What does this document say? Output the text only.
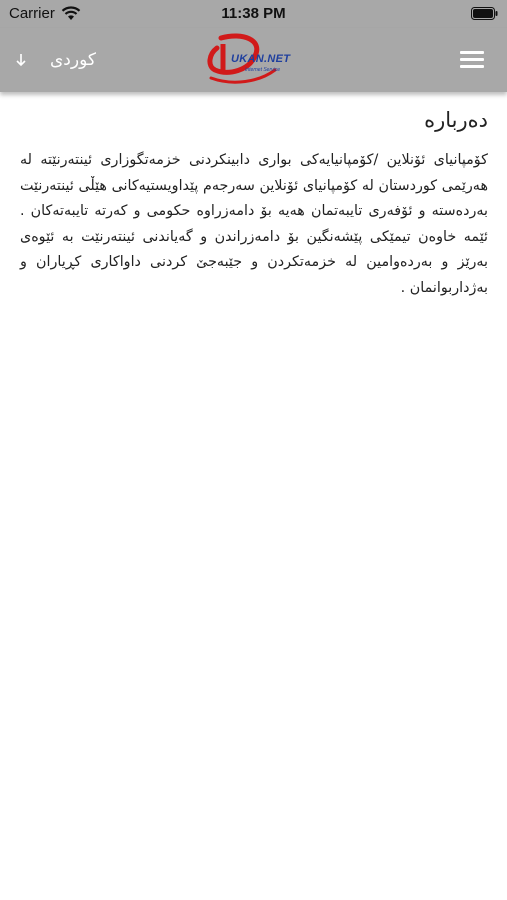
Carrier	11:38 PM
کوردی	UKAN.NET
Internet Service
دەربارە

کۆمپانیای ئۆنلاین /کۆمپانیایەکی بواری دابینکردنی خزمەتگوزاری ئینتەرنێتە لە هەرێمی کوردستان لە کۆمپانیای ئۆنلاین سەرجەم پێداویستیەکانی هێڵی ئینتەرنێت بەردەستە و ئۆفەری تایبەتمان هەیە بۆ دامەزراوە حکومی و کەرتە تایبەتەکان . ئێمە خاوەن تیمێکی پێشەنگین بۆ دامەزراندن و گەیاندنی ئینتەرنێت بە ئێوەی بەرێز و بەردەوامین لە خزمەتکردن و جێبەجێ کردنی داواکاری کڕیاران و بەژداربوانمان .
